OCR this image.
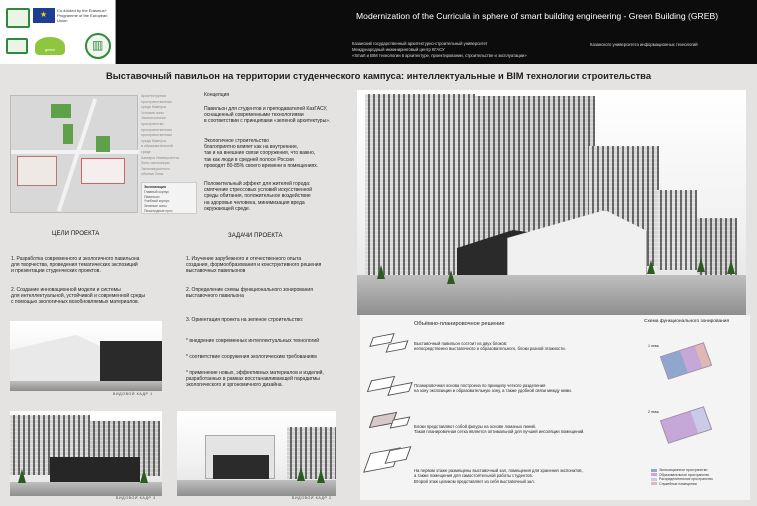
★
Co-funded by the Erasmus+ Programme of the European Union
green
▥
Modernization of the Curricula in sphere of smart building engineering - Green Building (GREB)
Казанский государственный архитектурно-строительный университет
Международный инжиниринговый центр КГАСУ
«Smart и BIM технологии в архитектуре, проектировании, строительстве и эксплуатации»
Казанского университета информационных технологий
Выставочный павильон на территории студенческого кампуса: интеллектуальные и BIM технологии строительства
Архитектурная
пространственная
среда Кампуса
Условия зоны
Экологическое
пространство
пространственная
пространственные
среда Кампуса
в образовательной
среде
Кампуса Университета
Зоны экспозиции
Экспозиционного
объема Зоны
Экспликация
Главный корпус
Павильон
Учебный корпус
Зеленые зоны
Пешеходные пути
Концепция
Павильон для студентов и преподавателей КазГАСУ,
оснащенный современными технологиями
в соответствии с принципами «зеленой архитектуры».
Экологичное строительство
благоприятно влияет как на внутренние,
так и на внешние связи сооружения, что важно,
так как люди в средней полосе России
проводят 80-85% своего времени в помещениях.
Положительный эффект для жителей города:
смягчение стрессовых условий искусственной
среды обитания, положительное воздействие
на здоровье человека, минимизация вреда
окружающей среде.
ЦЕЛИ ПРОЕКТА
1. Разработка современного и экологичного павильона
для творчества, проведения тематических экспозиций
и презентации студенческих проектов.
2. Создание инновационной модели и системы
для интеллектуальной, устойчивой и современной среды
с помощью экологичных возобновляемых материалов.
ЗАДАЧИ ПРОЕКТА
1. Изучение зарубежного и отечественного опыта
создания, формообразования и конструктивного решения
выставочных павильонов
2. Определение схемы функционального зонирования
выставочного павильона
3. Ориентация проекта на зеленое строительство:
* внедрение современных интеллектуальных технологий
* соответствие сооружения экологическим требованиям
* применение новых, эффективных материалов и изделий,
разработанных в рамках восстанавливающей парадигмы
экологического и эргономичного дизайна.
ВИДОВОЙ КАДР 1
ВИДОВОЙ КАДР 3	ВИДОВОЙ КАДР 2
Объёмно-планировочное решение
Выставочный павильон состоит из двух блоков:
непосредственно выставочного и образовательного, блоки разной этажности.
Планировочная основа построена по принципу четкого разделения
на зону экспозиции и образовательную зону, а также удобной связи между ними.
Блоки представляют собой фигуры на основе ломаных линий.
Такая планировочная сетка является оптимальной для лучшей инсоляции помещений.
На первом этаже размещены выставочный зал, помещения для хранения экспонатов,
а также помещения для самостоятельной работы студентов.
Второй этаж целиком представляет из себя выставочный зал.
Схема функционального зонирования
1 этаж
2 этаж
Экспозиционное пространство
Образовательное пространство
Распределительное пространство
Служебные помещения
